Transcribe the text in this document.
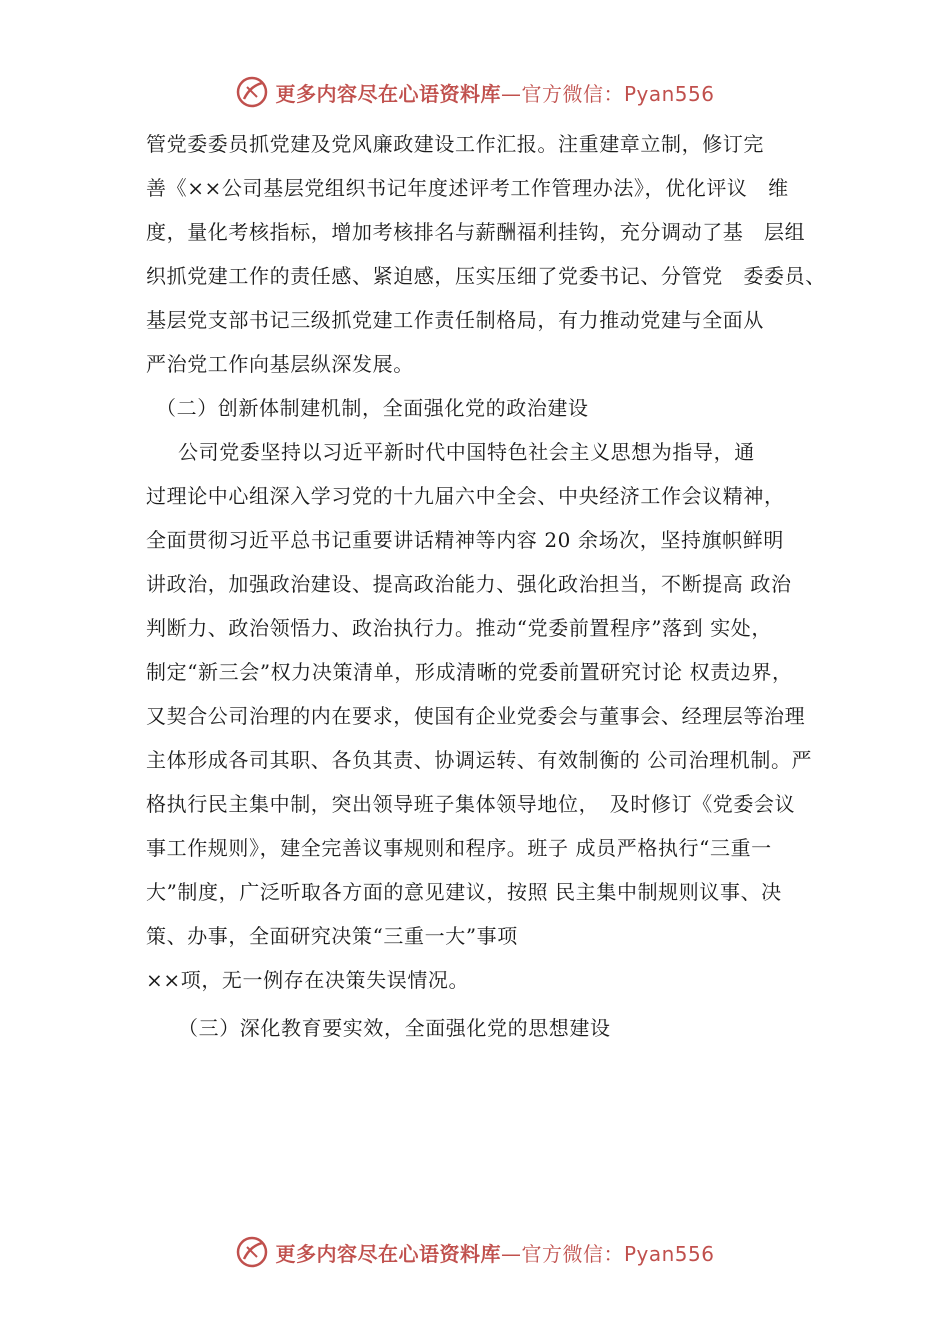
更多内容尽在心语资料库—官方微信：Pyan556
管党委委员抓党建及党风廉政建设工作汇报。注重建章立制，修订完
善《××公司基层党组织书记年度述评考工作管理办法》，优化评议　维
度，量化考核指标，增加考核排名与薪酬福利挂钩，充分调动了基　层组
织抓党建工作的责任感、紧迫感，压实压细了党委书记、分管党　委委员、
基层党支部书记三级抓党建工作责任制格局，有力推动党建与全面从
严治党工作向基层纵深发展。
（二）创新体制建机制，全面强化党的政治建设
公司党委坚持以习近平新时代中国特色社会主义思想为指导，通
过理论中心组深入学习党的十九届六中全会、中央经济工作会议精神，
全面贯彻习近平总书记重要讲话精神等内容 20 余场次，坚持旗帜鲜明
讲政治，加强政治建设、提高政治能力、强化政治担当，不断提高 政治
判断力、政治领悟力、政治执行力。推动“党委前置程序”落到 实处，
制定“新三会”权力决策清单，形成清晰的党委前置研究讨论 权责边界，
又契合公司治理的内在要求，使国有企业党委会与董事会、经理层等治理
主体形成各司其职、各负其责、协调运转、有效制衡的 公司治理机制。严
格执行民主集中制，突出领导班子集体领导地位，　及时修订《党委会议
事工作规则》，建全完善议事规则和程序。班子 成员严格执行“三重一
大”制度，广泛听取各方面的意见建议，按照 民主集中制规则议事、决
策、办事，全面研究决策“三重一大”事项
××项，无一例存在决策失误情况。
（三）深化教育要实效，全面强化党的思想建设
更多内容尽在心语资料库—官方微信：Pyan556
